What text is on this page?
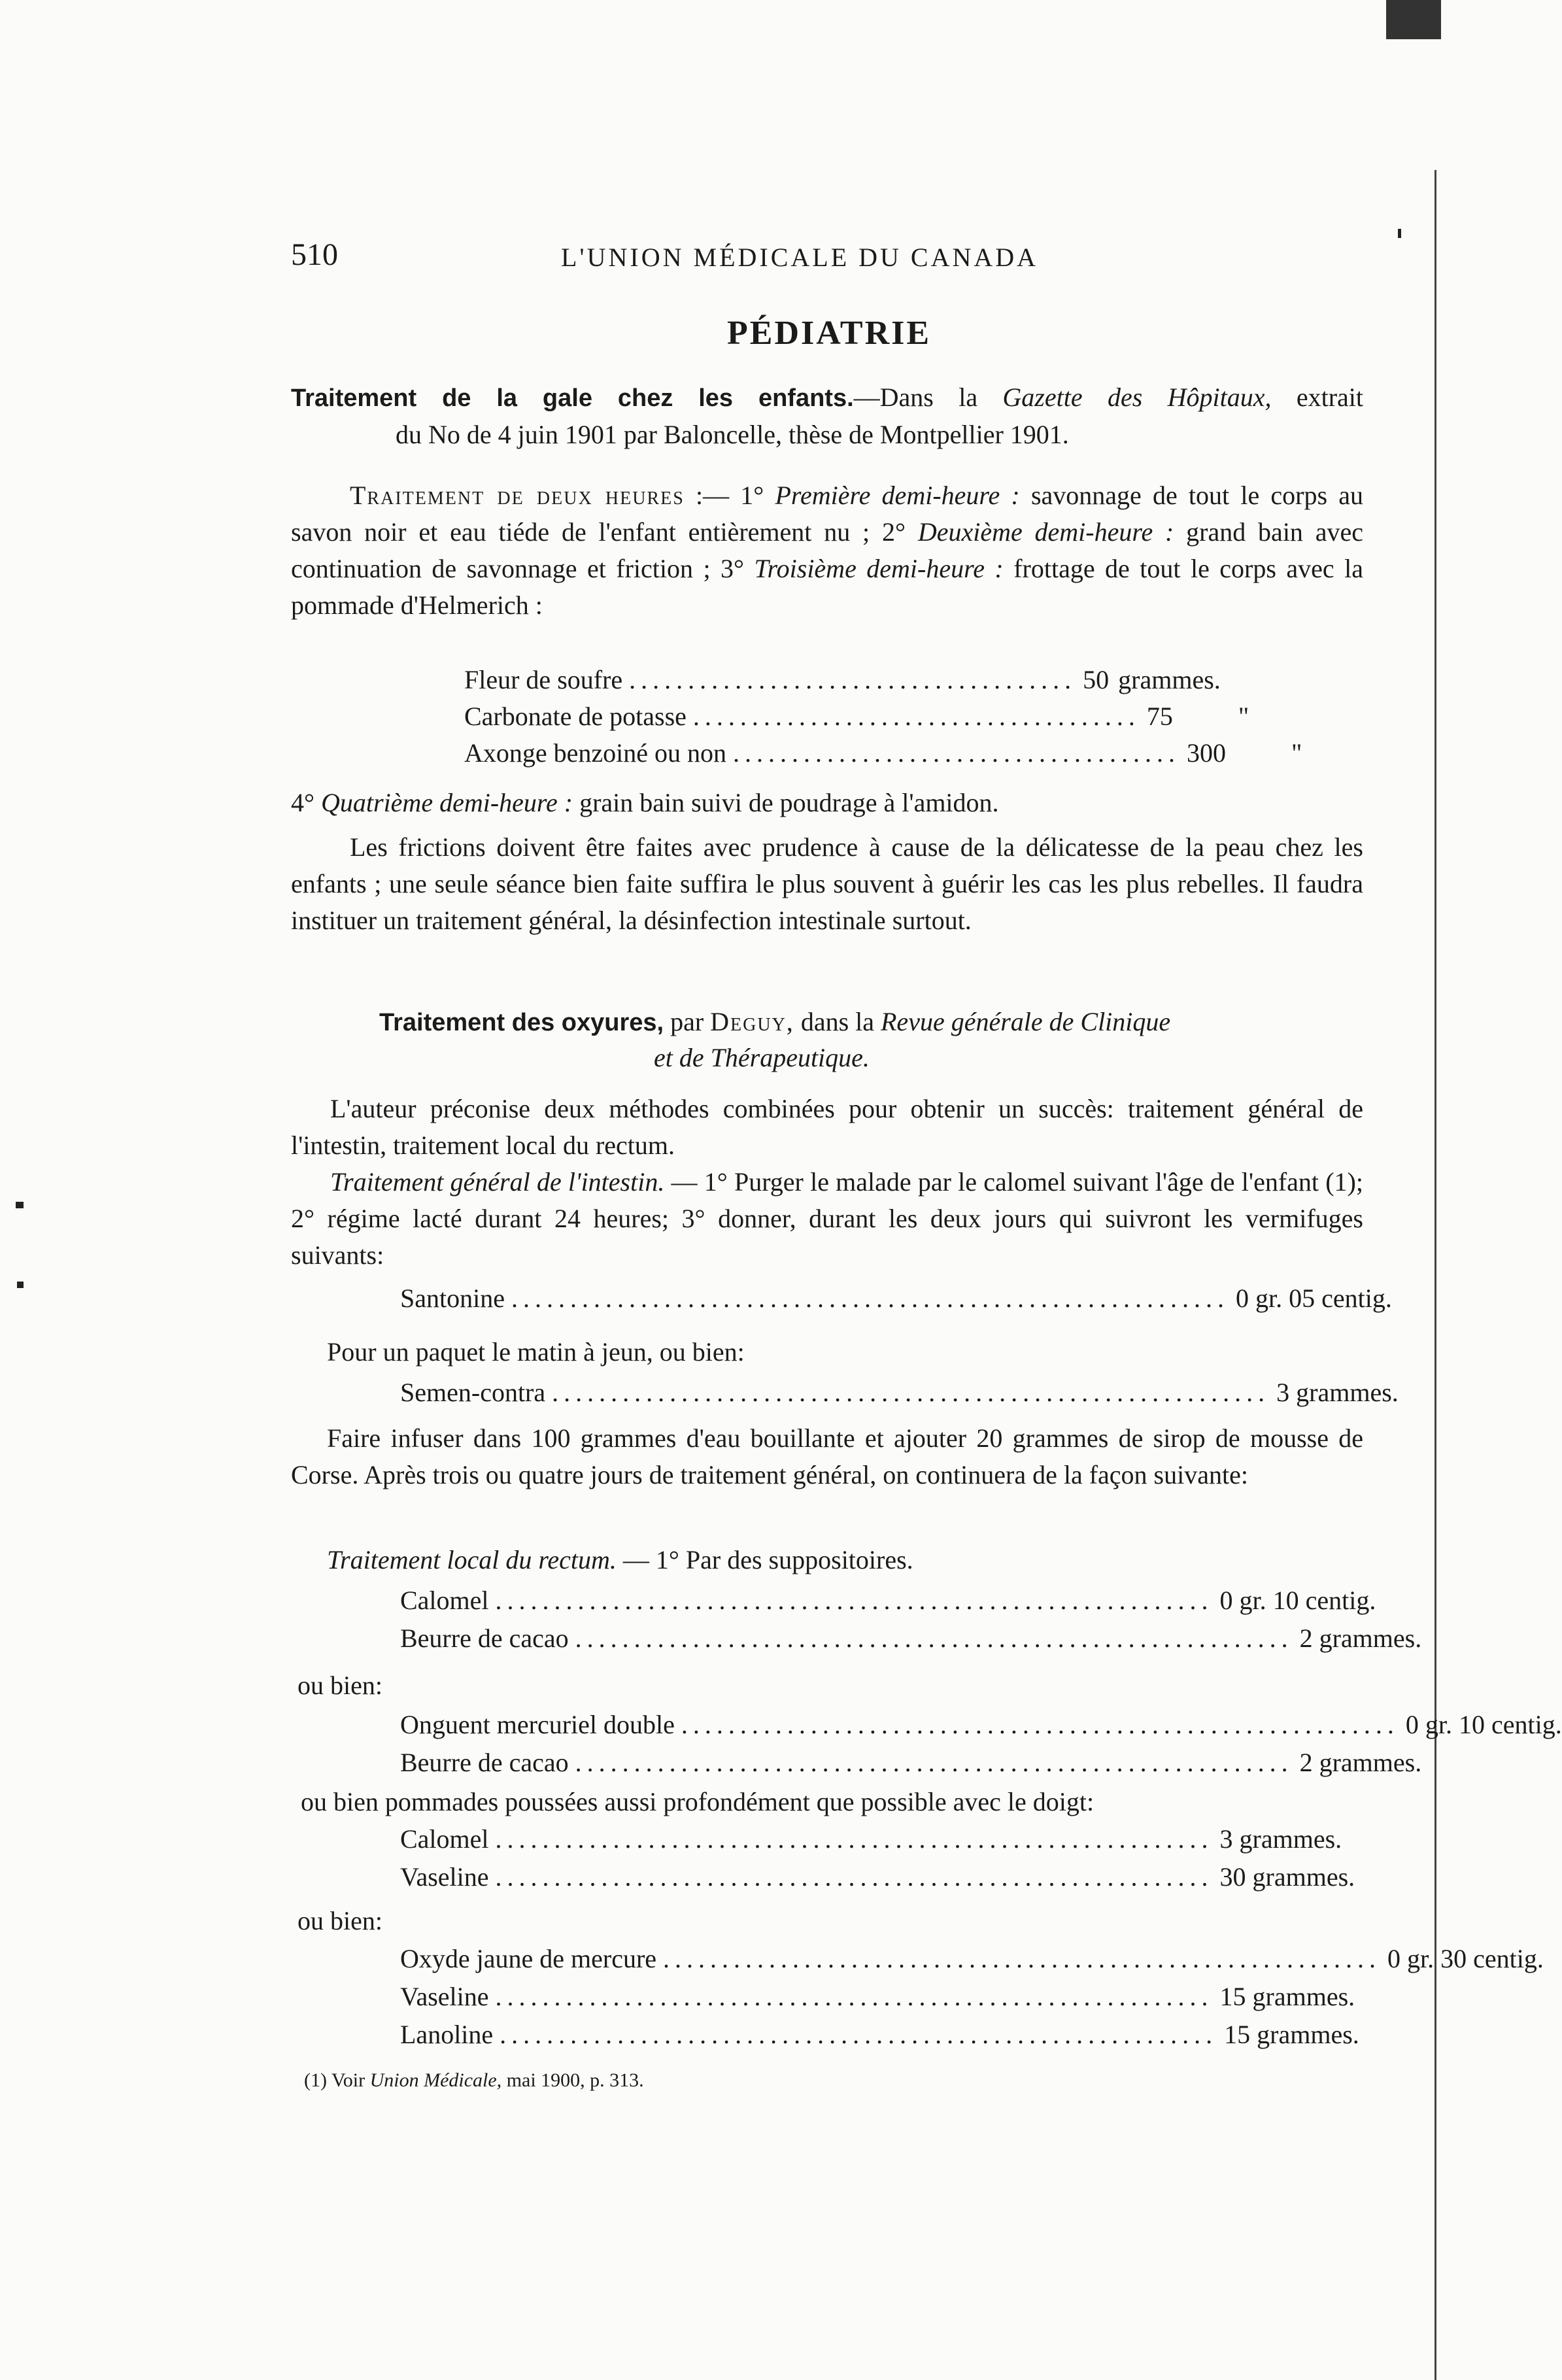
510	L'UNION MÉDICALE DU CANADA
PÉDIATRIE
Traitement de la gale chez les enfants.—Dans la Gazette des Hôpitaux, extrait
du No de 4 juin 1901 par Baloncelle, thèse de Montpellier 1901.
Traitement de deux heures :— 1° Première demi-heure : savonnage de tout le corps au savon noir et eau tiéde de l'enfant entièrement nu ; 2° Deuxième demi-heure : grand bain avec continuation de savonnage et friction ; 3° Troisième demi-heure : frottage de tout le corps avec la pommade d'Helmerich :
Fleur de soufre ...................................... 50 grammes.
Carbonate de potasse ...................................... 75	"
Axonge benzoiné ou non ...................................... 300	"
4° Quatrième demi-heure : grain bain suivi de poudrage à l'amidon.
Les frictions doivent être faites avec prudence à cause de la délicatesse de la peau chez les enfants ; une seule séance bien faite suffira le plus souvent à guérir les cas les plus rebelles. Il faudra instituer un traitement général, la désinfection intestinale surtout.
Traitement des oxyures, par Deguy, dans la Revue générale de Clinique
et de Thérapeutique.
L'auteur préconise deux méthodes combinées pour obtenir un succès: traitement général de l'intestin, traitement local du rectum.
Traitement général de l'intestin. — 1° Purger le malade par le calomel suivant l'âge de l'enfant (1); 2° régime lacté durant 24 heures; 3° donner, durant les deux jours qui suivront les vermifuges suivants:
Santonine ............................................................. 0 gr. 05 centig.
Pour un paquet le matin à jeun, ou bien:
Semen-contra ............................................................. 3 grammes.
Faire infuser dans 100 grammes d'eau bouillante et ajouter 20 grammes de sirop de mousse de Corse. Après trois ou quatre jours de traitement général, on continuera de la façon suivante:
Traitement local du rectum. — 1° Par des suppositoires.
Calomel ............................................................. 0 gr. 10 centig.
Beurre de cacao ............................................................. 2 grammes.
ou bien:
Onguent mercuriel double ............................................................. 0 gr. 10 centig.
Beurre de cacao ............................................................. 2 grammes.
ou bien pommades poussées aussi profondément que possible avec le doigt:
Calomel ............................................................. 3 grammes.
Vaseline ............................................................. 30 grammes.
ou bien:
Oxyde jaune de mercure ............................................................. 0 gr. 30 centig.
Vaseline ............................................................. 15 grammes.
Lanoline ............................................................. 15 grammes.
(1) Voir Union Médicale, mai 1900, p. 313.
